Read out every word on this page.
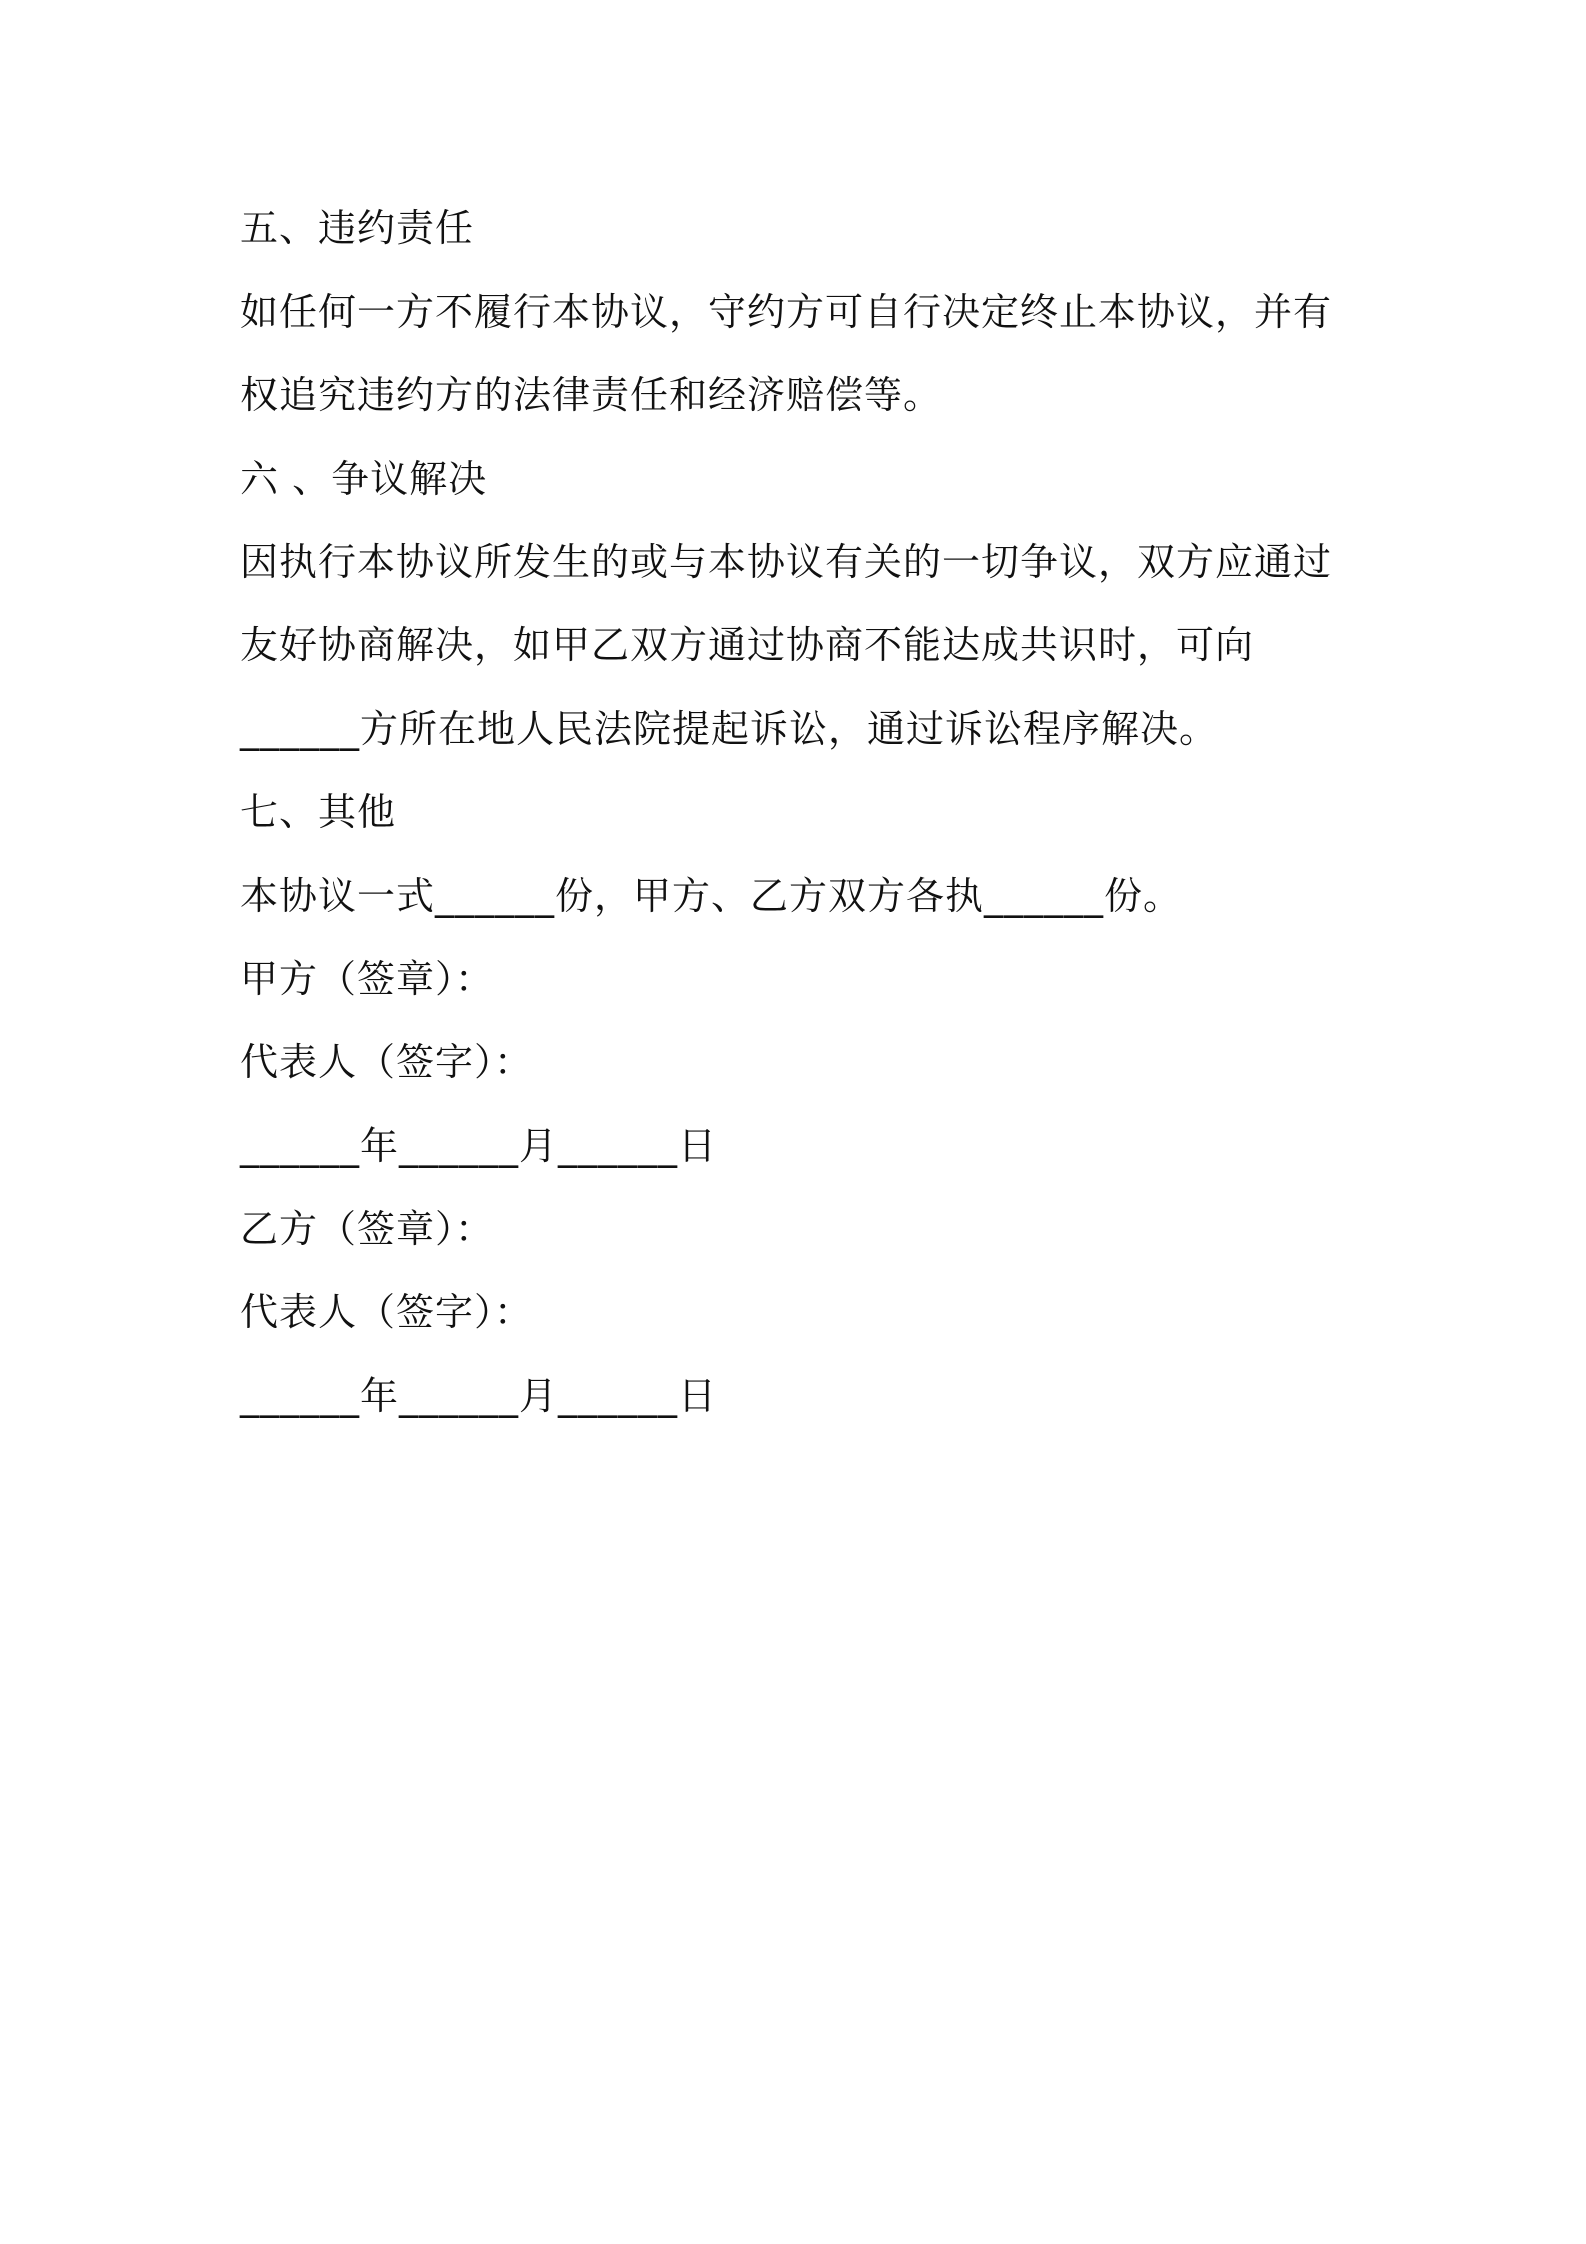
五、违约责任
如任何一方不履行本协议，守约方可自行决定终止本协议，并有
权追究违约方的法律责任和经济赔偿等。
六 、争议解决
因执行本协议所发生的或与本协议有关的一切争议，双方应通过
友好协商解决，如甲乙双方通过协商不能达成共识时，可向
______方所在地人民法院提起诉讼，通过诉讼程序解决。
七、其他
本协议一式______份，甲方、乙方双方各执______份。
甲方（签章）：
代表人（签字）：
______年______月______日
乙方（签章）：
代表人（签字）：
______年______月______日
